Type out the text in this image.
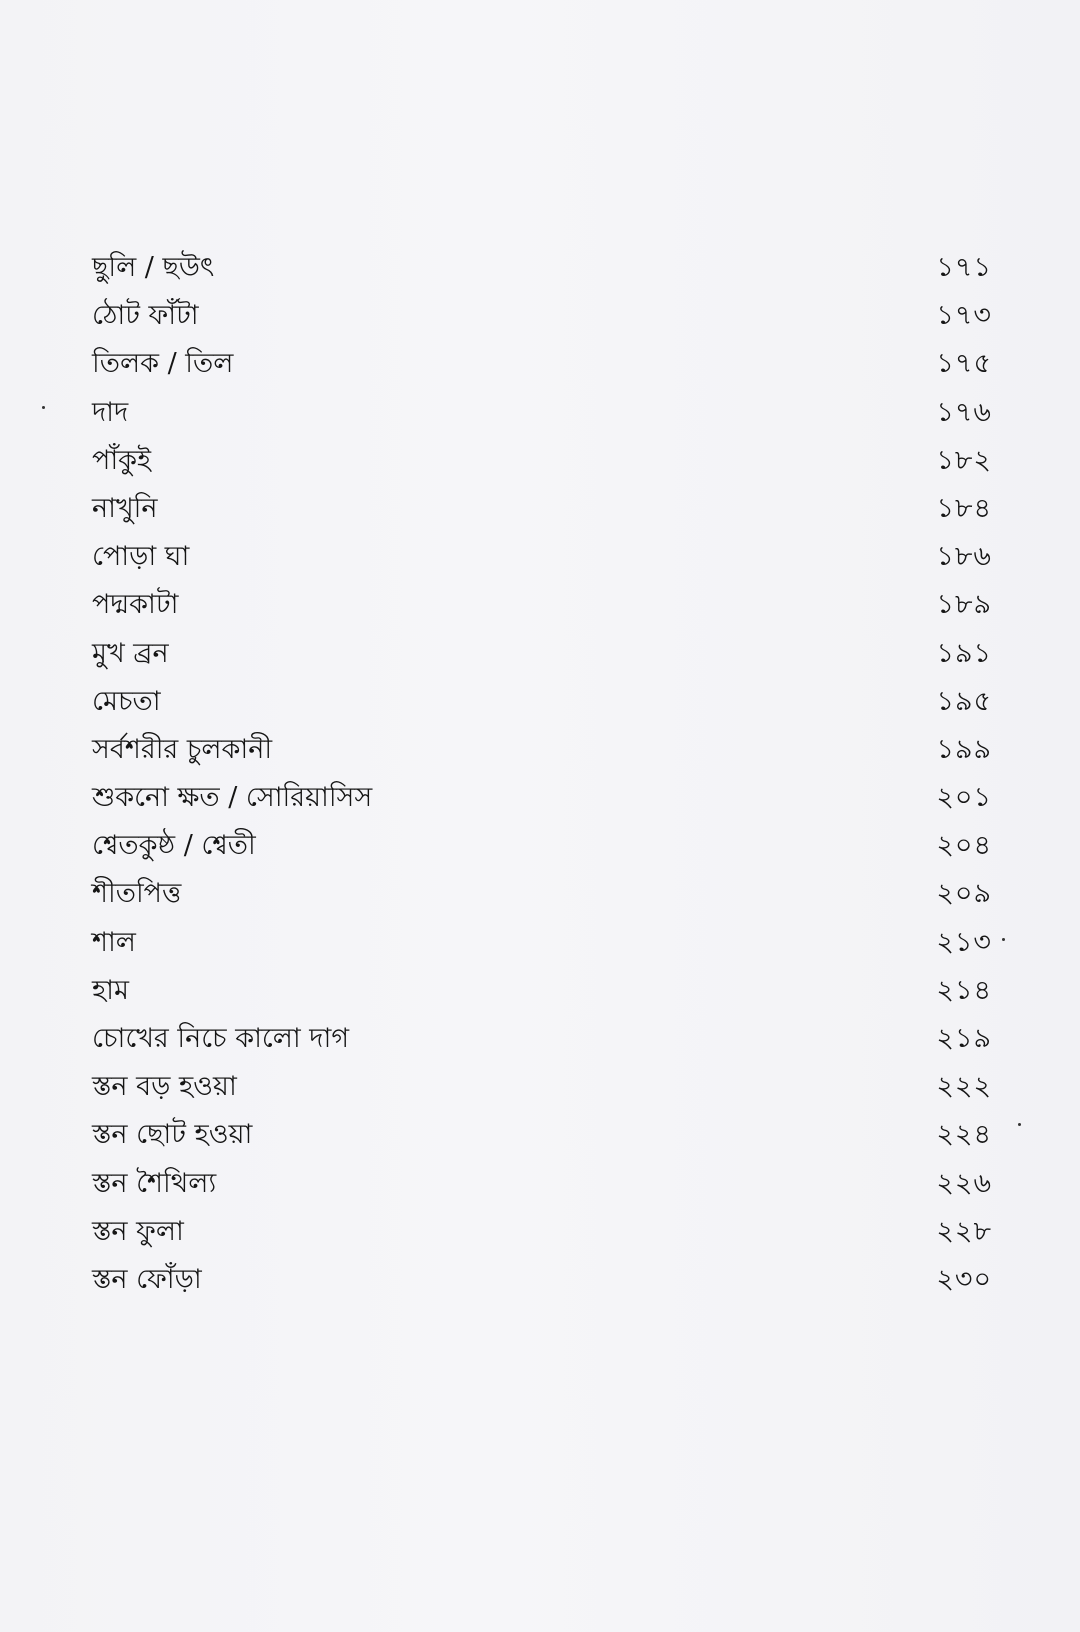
ছুলি / ছউৎ	১৭১
ঠোট ফাঁটা	১৭৩
তিলক / তিল	১৭৫
দাদ	১৭৬
পাঁকুই	১৮২
নাখুনি	১৮৪
পোড়া ঘা	১৮৬
পদ্মকাটা	১৮৯
মুখ ব্রন	১৯১
মেচতা	১৯৫
সর্বশরীর চুলকানী	১৯৯
শুকনো ক্ষত / সোরিয়াসিস	২০১
শ্বেতকুষ্ঠ / শ্বেতী	২০৪
শীতপিত্ত	২০৯
শাল	২১৩
হাম	২১৪
চোখের নিচে কালো দাগ	২১৯
স্তন বড় হওয়া	২২২
স্তন ছোট হওয়া	২২৪
স্তন শৈথিল্য	২২৬
স্তন ফুলা	২২৮
স্তন ফোঁড়া	২৩০
